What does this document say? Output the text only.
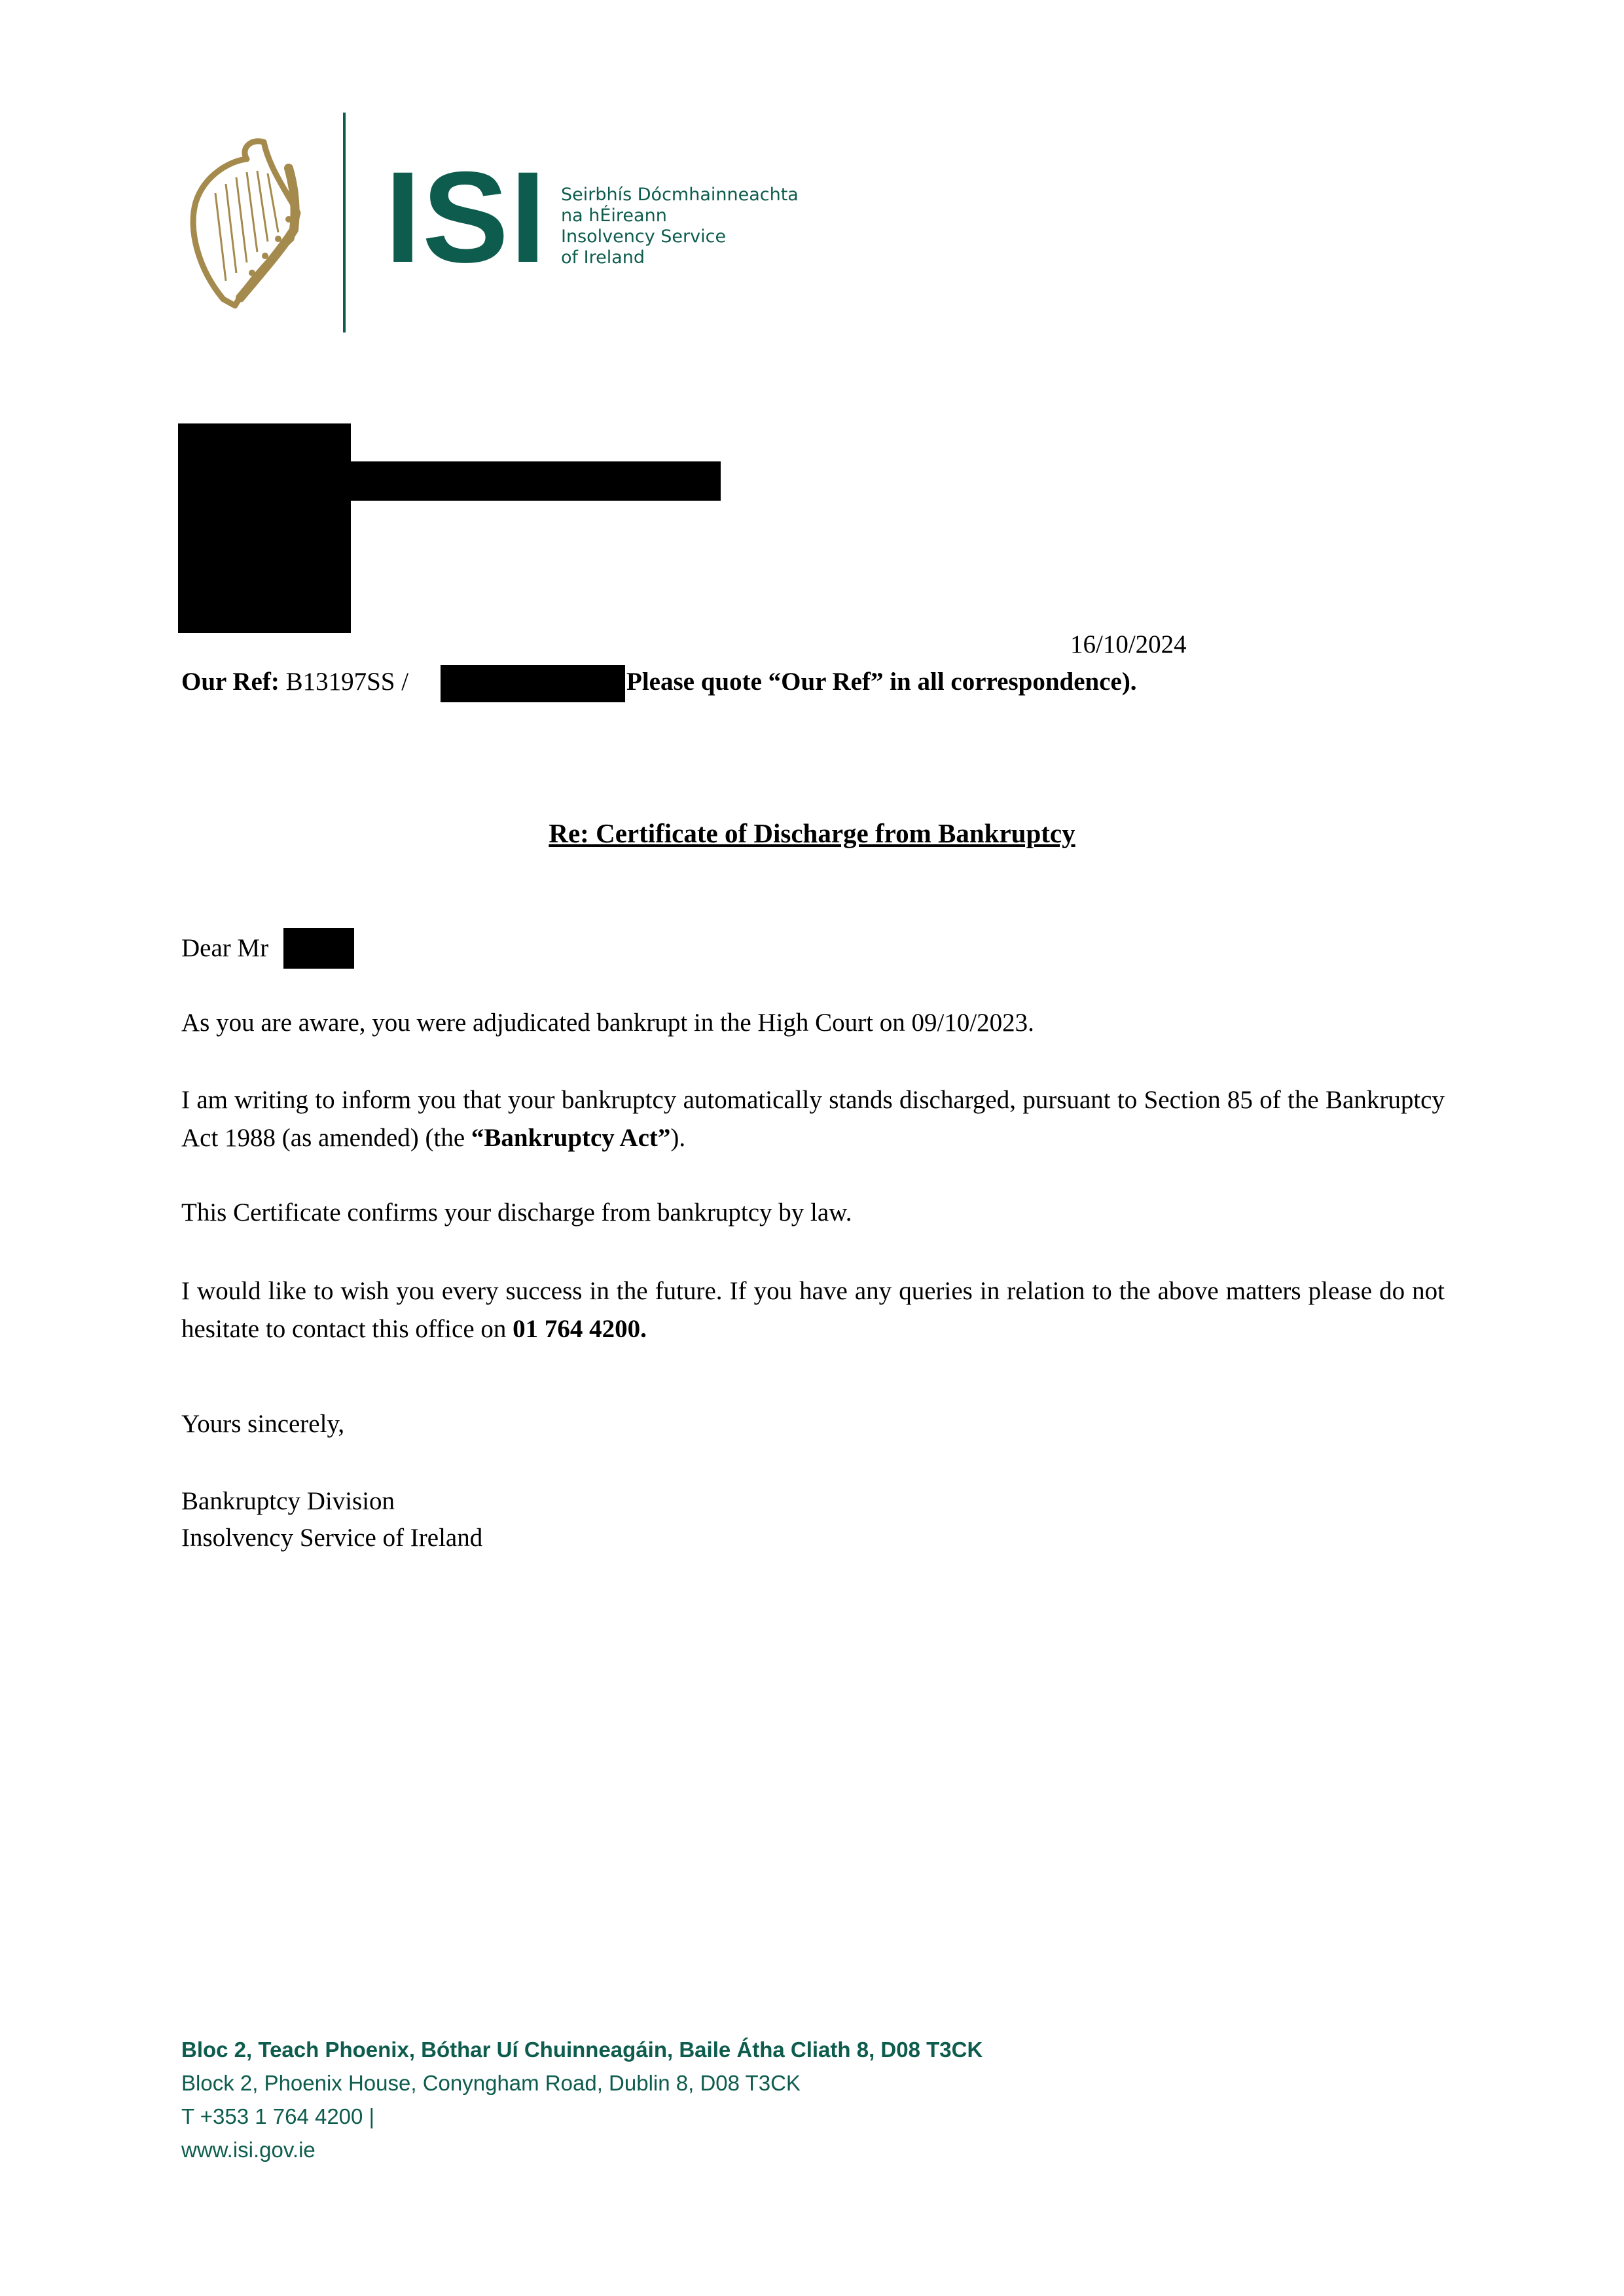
ISI Seirbhís Dócmhainneachta
na hÉireann
Insolvency Service
of Ireland
16/10/2024
Our Ref: B13197SS /	Please quote “Our Ref” in all correspondence).
Re: Certificate of Discharge from Bankruptcy
Dear Mr
As you are aware, you were adjudicated bankrupt in the High Court on 09/10/2023.
I am writing to inform you that your bankruptcy automatically stands discharged, pursuant to Section 85 of the Bankruptcy Act 1988 (as amended) (the “Bankruptcy Act”).
This Certificate confirms your discharge from bankruptcy by law.
I would like to wish you every success in the future. If you have any queries in relation to the above matters please do not hesitate to contact this office on 01 764 4200.
Yours sincerely,
Bankruptcy Division
Insolvency Service of Ireland
Bloc 2, Teach Phoenix, Bóthar Uí Chuinneagáin, Baile Átha Cliath 8, D08 T3CK
Block 2, Phoenix House, Conyngham Road, Dublin 8, D08 T3CK
T +353 1 764 4200 |
www.isi.gov.ie
